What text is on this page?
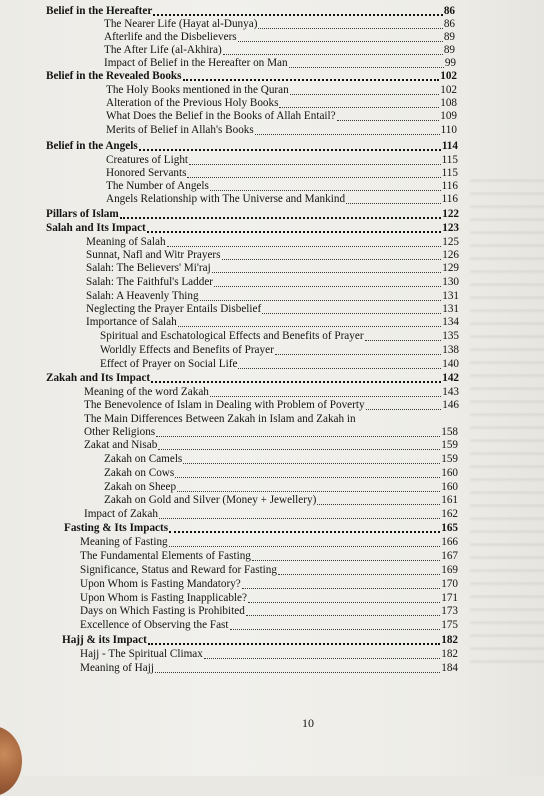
Belief in the Hereafter	86
The Nearer Life (Hayat al-Dunya)	86
Afterlife and the Disbelievers	89
The After Life (al-Akhira)	89
Impact of Belief in the Hereafter on Man	99
Belief in the Revealed Books	102
The Holy Books mentioned in the Quran	102
Alteration of the Previous Holy Books	108
What Does the Belief in the Books of Allah Entail?	109
Merits of Belief in Allah's Books	110
Belief in the Angels	114
Creatures of Light	115
Honored Servants	115
The Number of Angels	116
Angels Relationship with The Universe and Mankind	116
Pillars of Islam	122
Salah and Its Impact	123
Meaning of Salah	125
Sunnat, Nafl and Witr Prayers	126
Salah: The Believers' Mi'raj	129
Salah: The Faithful's Ladder	130
Salah: A Heavenly Thing	131
Neglecting the Prayer Entails Disbelief	131
Importance of Salah	134
Spiritual and Eschatological Effects and Benefits of Prayer	135
Worldly Effects and Benefits of Prayer	138
Effect of Prayer on Social Life	140
Zakah and Its Impact	142
Meaning of the word Zakah	143
The Benevolence of Islam in Dealing with Problem of Poverty	146
The Main Differences Between Zakah in Islam and Zakah in
Other Religions	158
Zakat and Nisab	159
Zakah on Camels	159
Zakah on Cows	160
Zakah on Sheep	160
Zakah on Gold and Silver (Money + Jewellery)	161
Impact of Zakah	162
Fasting & Its Impacts	165
Meaning of Fasting	166
The Fundamental Elements of Fasting	167
Significance, Status and Reward for Fasting	169
Upon Whom is Fasting Mandatory?	170
Upon Whom is Fasting Inapplicable?	171
Days on Which Fasting is Prohibited	173
Excellence of Observing the Fast	175
Hajj & its Impact	182
Hajj - The Spiritual Climax	182
Meaning of Hajj	184
10
